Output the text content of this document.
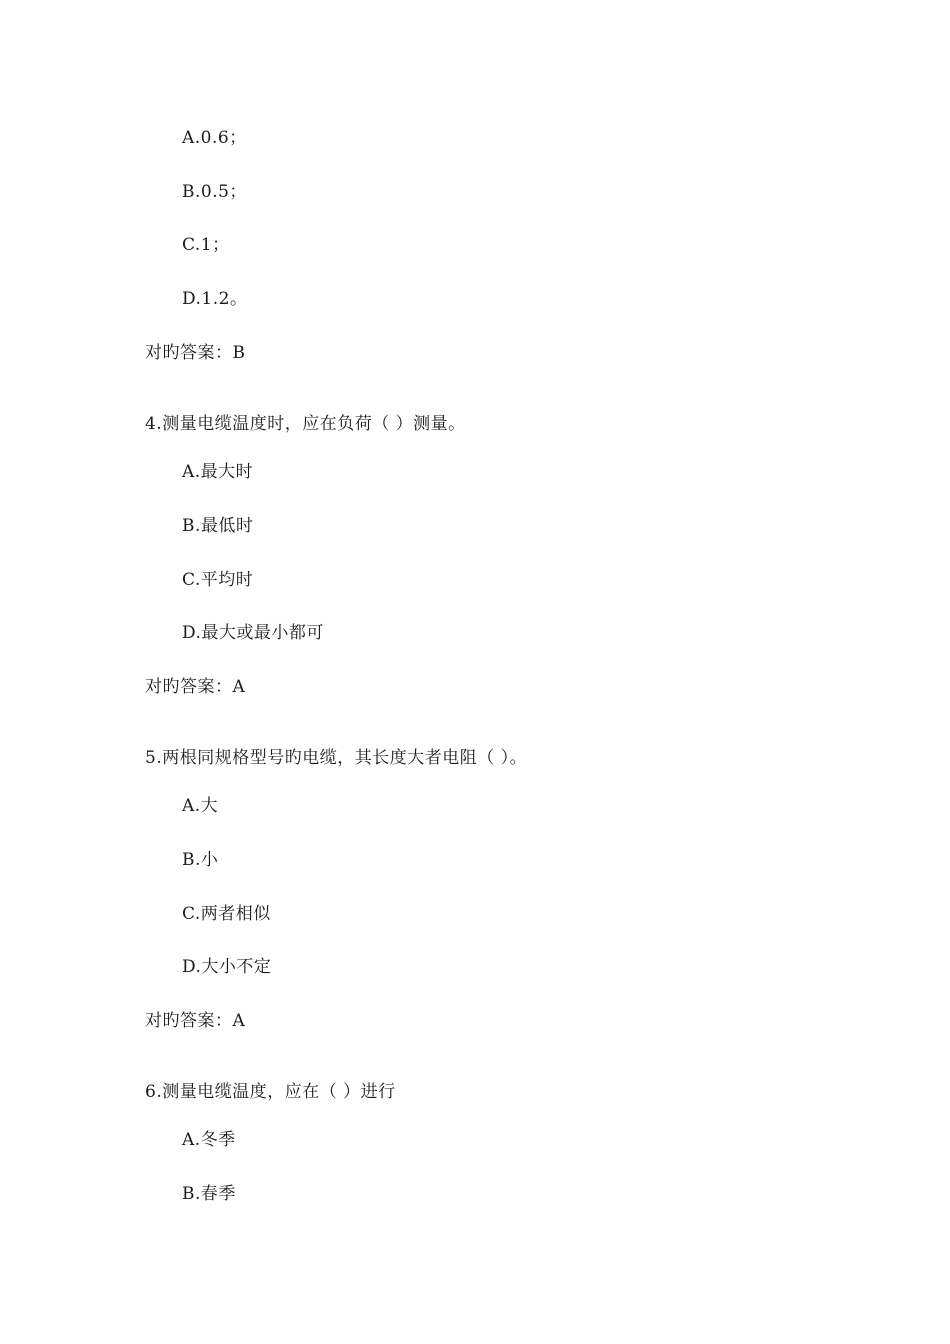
A.0.6；
B.0.5；
C.1；
D.1.2。
对旳答案：B
4.测量电缆温度时，应在负荷（ ）测量。
A.最大时
B.最低时
C.平均时
D.最大或最小都可
对旳答案：A
5.两根同规格型号旳电缆，其长度大者电阻（ ）。
A.大
B.小
C.两者相似
D.大小不定
对旳答案：A
6.测量电缆温度，应在（ ）进行
A.冬季
B.春季
